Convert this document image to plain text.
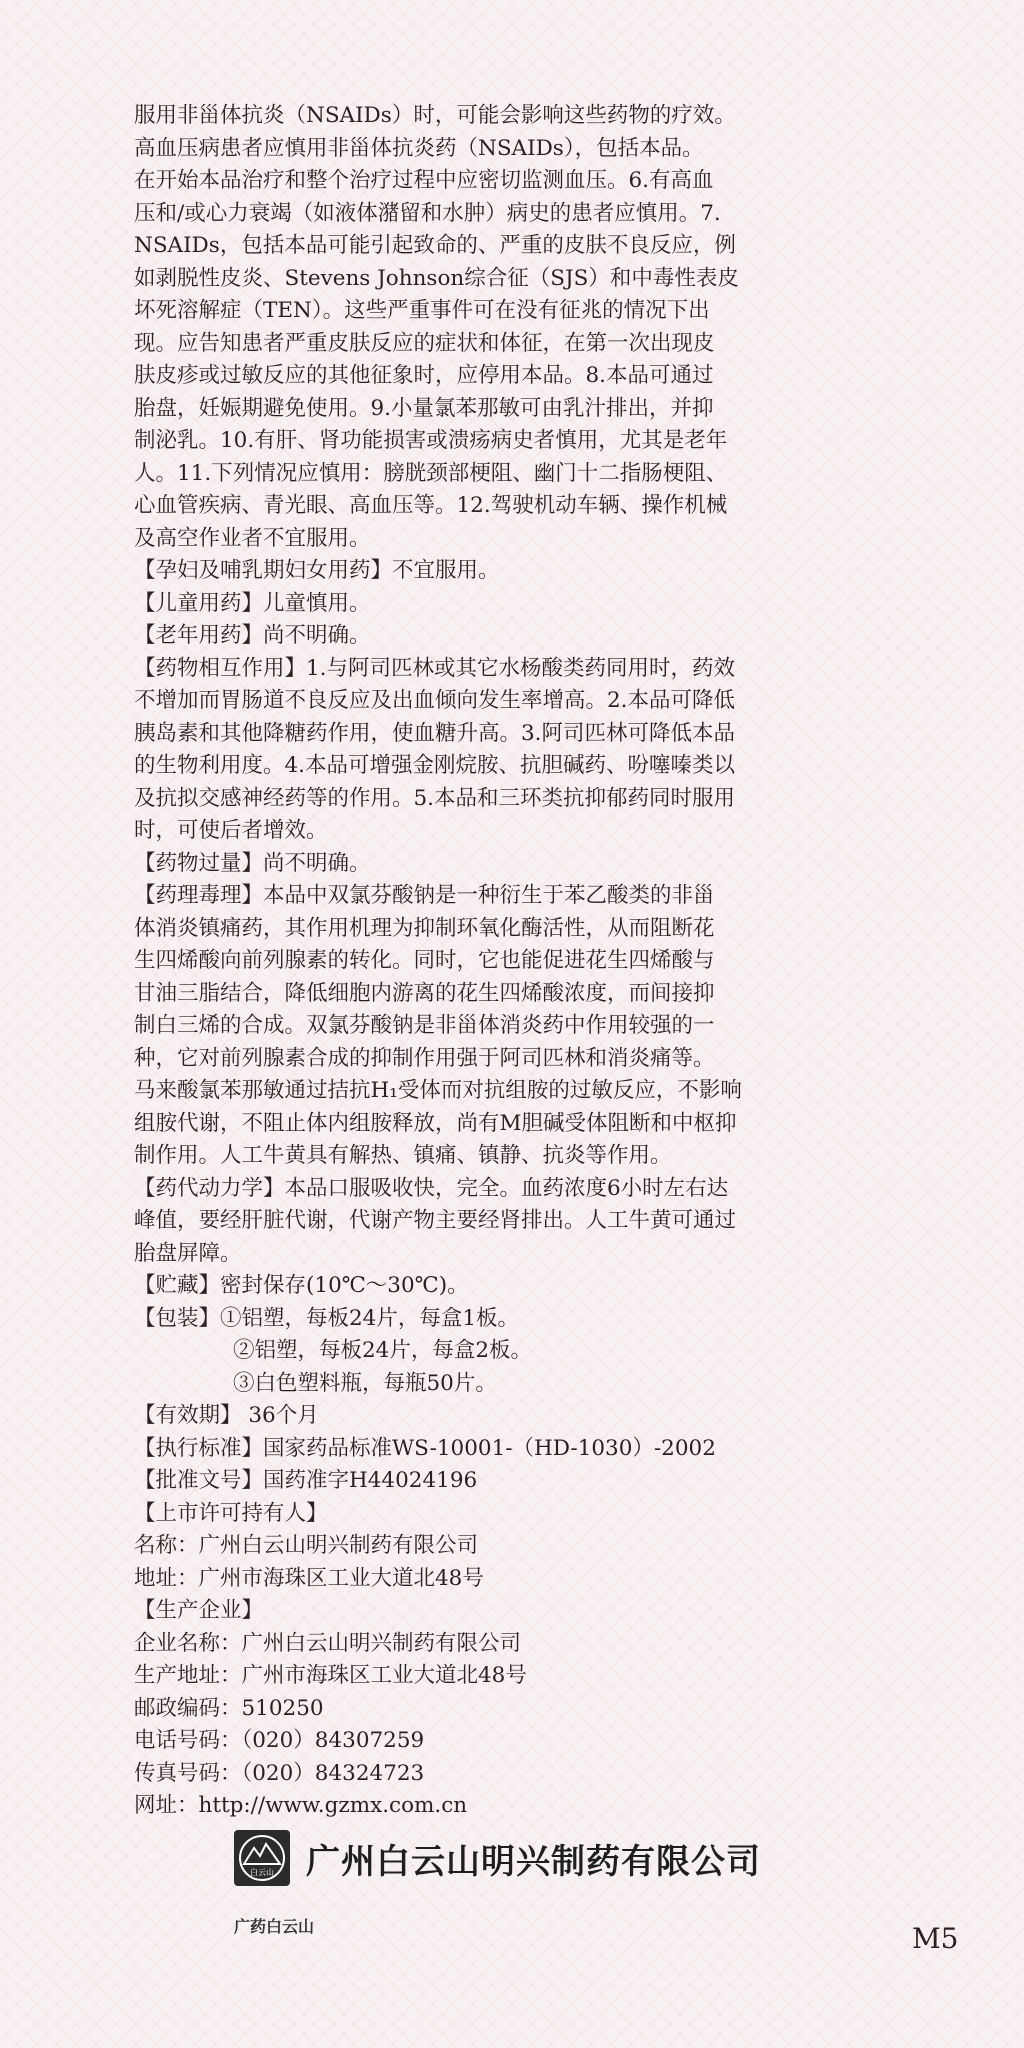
服用非甾体抗炎（NSAIDs）时，可能会影响这些药物的疗效。
高血压病患者应慎用非甾体抗炎药（NSAIDs），包括本品。
在开始本品治疗和整个治疗过程中应密切监测血压。6.有高血
压和/或心力衰竭（如液体潴留和水肿）病史的患者应慎用。7.
NSAIDs，包括本品可能引起致命的、严重的皮肤不良反应，例
如剥脱性皮炎、Stevens Johnson综合征（SJS）和中毒性表皮
坏死溶解症（TEN）。这些严重事件可在没有征兆的情况下出
现。应告知患者严重皮肤反应的症状和体征，在第一次出现皮
肤皮疹或过敏反应的其他征象时，应停用本品。8.本品可通过
胎盘，妊娠期避免使用。9.小量氯苯那敏可由乳汁排出，并抑
制泌乳。10.有肝、肾功能损害或溃疡病史者慎用，尤其是老年
人。11.下列情况应慎用：膀胱颈部梗阻、幽门十二指肠梗阻、
心血管疾病、青光眼、高血压等。12.驾驶机动车辆、操作机械
及高空作业者不宜服用。
【孕妇及哺乳期妇女用药】不宜服用。
【儿童用药】儿童慎用。
【老年用药】尚不明确。
【药物相互作用】1.与阿司匹林或其它水杨酸类药同用时，药效
不增加而胃肠道不良反应及出血倾向发生率增高。2.本品可降低
胰岛素和其他降糖药作用，使血糖升高。3.阿司匹林可降低本品
的生物利用度。4.本品可增强金刚烷胺、抗胆碱药、吩噻嗪类以
及抗拟交感神经药等的作用。5.本品和三环类抗抑郁药同时服用
时，可使后者增效。
【药物过量】尚不明确。
【药理毒理】本品中双氯芬酸钠是一种衍生于苯乙酸类的非甾
体消炎镇痛药，其作用机理为抑制环氧化酶活性，从而阻断花
生四烯酸向前列腺素的转化。同时，它也能促进花生四烯酸与
甘油三脂结合，降低细胞内游离的花生四烯酸浓度，而间接抑
制白三烯的合成。双氯芬酸钠是非甾体消炎药中作用较强的一
种，它对前列腺素合成的抑制作用强于阿司匹林和消炎痛等。
马来酸氯苯那敏通过拮抗H₁受体而对抗组胺的过敏反应，不影响
组胺代谢，不阻止体内组胺释放，尚有M胆碱受体阻断和中枢抑
制作用。人工牛黄具有解热、镇痛、镇静、抗炎等作用。
【药代动力学】本品口服吸收快，完全。血药浓度6小时左右达
峰值，要经肝脏代谢，代谢产物主要经肾排出。人工牛黄可通过
胎盘屏障。
【贮藏】密封保存(10℃～30℃)。
【包装】①铝塑，每板24片，每盒1板。
②铝塑，每板24片，每盒2板。
③白色塑料瓶，每瓶50片。
【有效期】 36个月
【执行标准】国家药品标准WS-10001-（HD-1030）-2002
【批准文号】国药准字H44024196
【上市许可持有人】
名称：广州白云山明兴制药有限公司
地址：广州市海珠区工业大道北48号
【生产企业】
企业名称：广州白云山明兴制药有限公司
生产地址：广州市海珠区工业大道北48号
邮政编码：510250
电话号码：（020）84307259
传真号码：（020）84324723
网址：http://www.gzmx.com.cn
白云山 广州白云山明兴制药有限公司
广药白云山	M5
